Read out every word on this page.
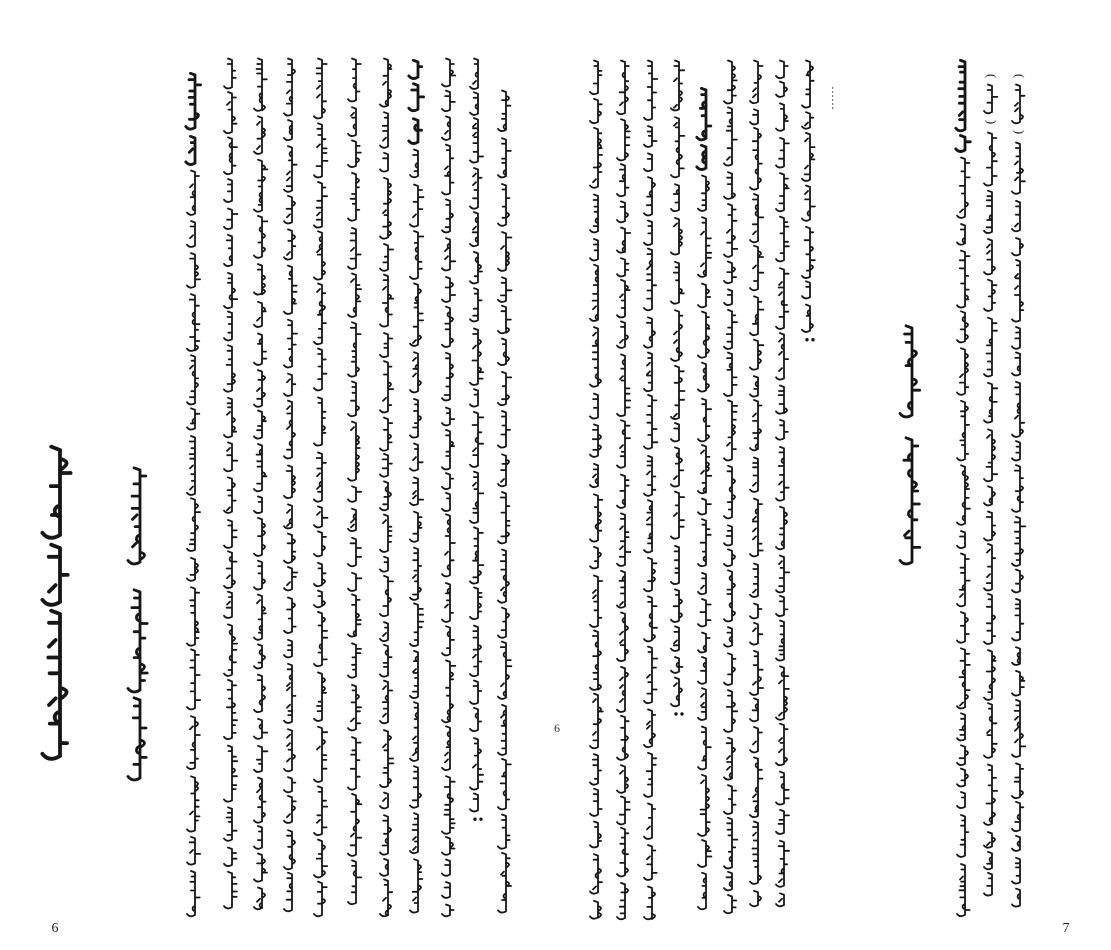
6
6
……
(
)
(
)
7
